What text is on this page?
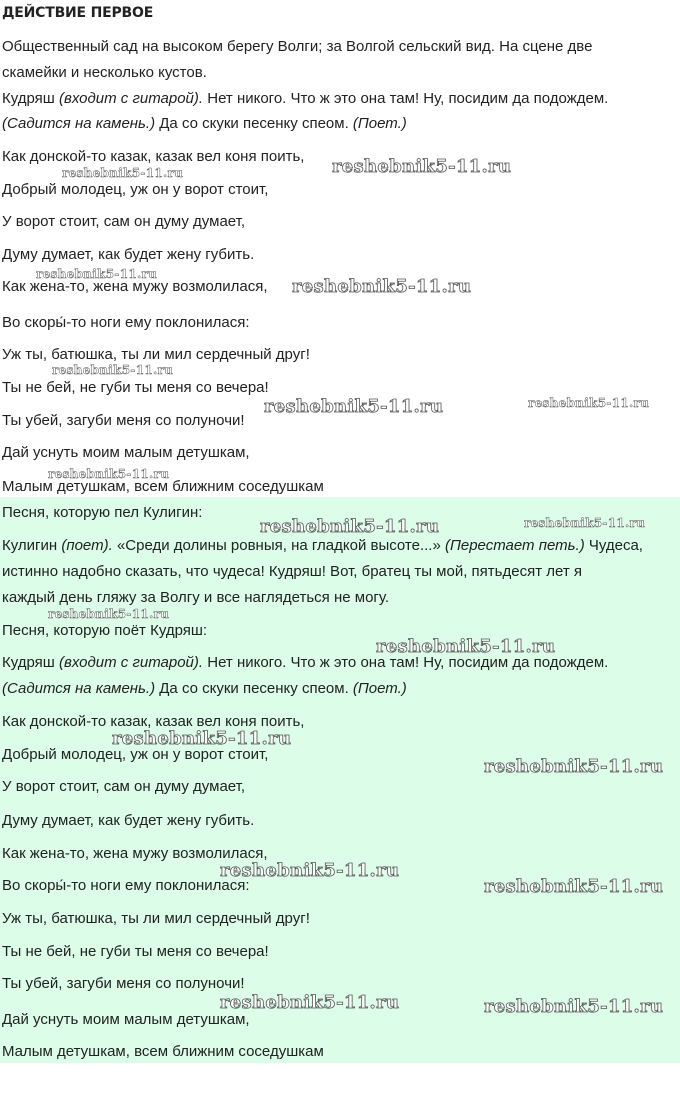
ДЕЙСТВИЕ ПЕРВОЕ
Общественный сад на высоком берегу Волги; за Волгой сельский вид. На сцене две
скамейки и несколько кустов.
Кудряш (входит с гитарой). Нет никого. Что ж это она там! Ну, посидим да подождем.
(Садится на камень.) Да со скуки песенку спеом. (Поет.)
Как донской-то казак, казак вел коня поить,
Добрый молодец, уж он у ворот стоит,
У ворот стоит, сам он думу думает,
Думу думает, как будет жену губить.
Как жена-то, жена мужу возмолилася,
Во скоры́-то ноги ему поклонилася:
Уж ты, батюшка, ты ли мил сердечный друг!
Ты не бей, не губи ты меня со вечера!
Ты убей, загуби меня со полуночи!
Дай уснуть моим малым детушкам,
Малым детушкам, всем ближним соседушкам
Песня, которую пел Кулигин:
Кулигин (поет). «Среди долины ровныя, на гладкой высоте...» (Перестает петь.) Чудеса,
истинно надобно сказать, что чудеса! Кудряш! Вот, братец ты мой, пятьдесят лет я
каждый день гляжу за Волгу и все наглядеться не могу.
Песня, которую поёт Кудряш:
Кудряш (входит с гитарой). Нет никого. Что ж это она там! Ну, посидим да подождем.
(Садится на камень.) Да со скуки песенку спеом. (Поет.)
Как донской-то казак, казак вел коня поить,
Добрый молодец, уж он у ворот стоит,
У ворот стоит, сам он думу думает,
Думу думает, как будет жену губить.
Как жена-то, жена мужу возмолилася,
Во скоры́-то ноги ему поклонилася:
Уж ты, батюшка, ты ли мил сердечный друг!
Ты не бей, не губи ты меня со вечера!
Ты убей, загуби меня со полуночи!
Дай уснуть моим малым детушкам,
Малым детушкам, всем ближним соседушкам
reshebnik5-11.ru
reshebnik5-11.ru
reshebnik5-11.ru
reshebnik5-11.ru
reshebnik5-11.ru
reshebnik5-11.ru	reshebnik5-11.ru
reshebnik5-11.ru
reshebnik5-11.ru	reshebnik5-11.ru
reshebnik5-11.ru
reshebnik5-11.ru
reshebnik5-11.ru
reshebnik5-11.ru
reshebnik5-11.ru
reshebnik5-11.ru
reshebnik5-11.ru	reshebnik5-11.ru
